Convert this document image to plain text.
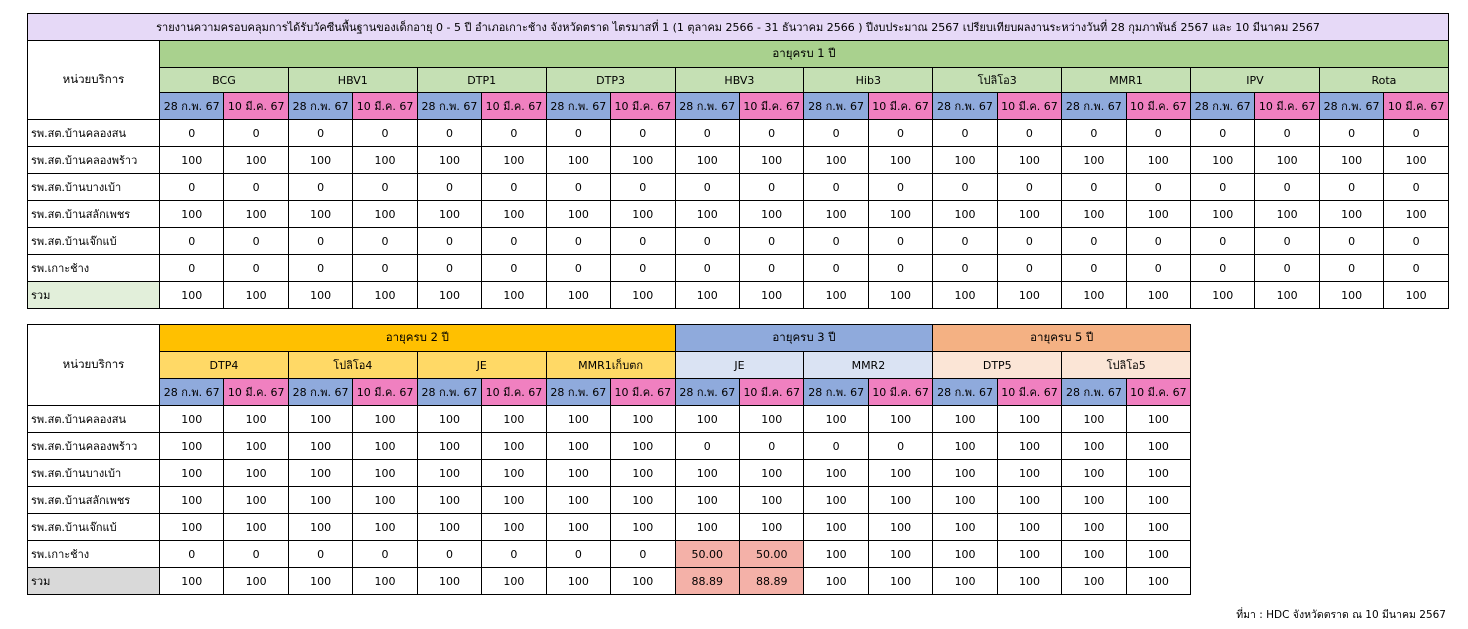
รายงานความครอบคลุมการได้รับวัคซีนพื้นฐานของเด็กอายุ 0 - 5 ปี อำเภอเกาะช้าง จังหวัดตราด ไตรมาสที่ 1 (1 ตุลาคม 2566 - 31 ธันวาคม 2566 ) ปีงบประมาณ 2567 เปรียบเทียบผลงานระหว่างวันที่ 28 กุมภาพันธ์ 2567 และ 10 มีนาคม 2567																				
หน่วยบริการ	อายุครบ 1 ปี																			
	BCG		HBV1		DTP1		DTP3		HBV3		Hib3		โปลิโอ3		MMR1		IPV		Rota	
	28 ก.พ. 67	10 มี.ค. 67	28 ก.พ. 67	10 มี.ค. 67	28 ก.พ. 67	10 มี.ค. 67	28 ก.พ. 67	10 มี.ค. 67	28 ก.พ. 67	10 มี.ค. 67	28 ก.พ. 67	10 มี.ค. 67	28 ก.พ. 67	10 มี.ค. 67	28 ก.พ. 67	10 มี.ค. 67	28 ก.พ. 67	10 มี.ค. 67	28 ก.พ. 67	10 มี.ค. 67
รพ.สต.บ้านคลองสน	0	0	0	0	0	0	0	0	0	0	0	0	0	0	0	0	0	0	0	0
รพ.สต.บ้านคลองพร้าว	100	100	100	100	100	100	100	100	100	100	100	100	100	100	100	100	100	100	100	100
รพ.สต.บ้านบางเบ้า	0	0	0	0	0	0	0	0	0	0	0	0	0	0	0	0	0	0	0	0
รพ.สต.บ้านสลักเพชร	100	100	100	100	100	100	100	100	100	100	100	100	100	100	100	100	100	100	100	100
รพ.สต.บ้านเจ๊กแบ้	0	0	0	0	0	0	0	0	0	0	0	0	0	0	0	0	0	0	0	0
รพ.เกาะช้าง	0	0	0	0	0	0	0	0	0	0	0	0	0	0	0	0	0	0	0	0
รวม	100	100	100	100	100	100	100	100	100	100	100	100	100	100	100	100	100	100	100	100
หน่วยบริการ	อายุครบ 2 ปี								อายุครบ 3 ปี				อายุครบ 5 ปี			
	DTP4		โปลิโอ4		JE		MMR1เก็บตก		JE		MMR2		DTP5		โปลิโอ5	
	28 ก.พ. 67	10 มี.ค. 67	28 ก.พ. 67	10 มี.ค. 67	28 ก.พ. 67	10 มี.ค. 67	28 ก.พ. 67	10 มี.ค. 67	28 ก.พ. 67	10 มี.ค. 67	28 ก.พ. 67	10 มี.ค. 67	28 ก.พ. 67	10 มี.ค. 67	28 ก.พ. 67	10 มี.ค. 67
รพ.สต.บ้านคลองสน	100	100	100	100	100	100	100	100	100	100	100	100	100	100	100	100
รพ.สต.บ้านคลองพร้าว	100	100	100	100	100	100	100	100	0	0	0	0	100	100	100	100
รพ.สต.บ้านบางเบ้า	100	100	100	100	100	100	100	100	100	100	100	100	100	100	100	100
รพ.สต.บ้านสลักเพชร	100	100	100	100	100	100	100	100	100	100	100	100	100	100	100	100
รพ.สต.บ้านเจ๊กแบ้	100	100	100	100	100	100	100	100	100	100	100	100	100	100	100	100
รพ.เกาะช้าง	0	0	0	0	0	0	0	0	50.00	50.00	100	100	100	100	100	100
รวม	100	100	100	100	100	100	100	100	88.89	88.89	100	100	100	100	100	100
ที่มา : HDC จังหวัดตราด ณ 10 มีนาคม 2567
